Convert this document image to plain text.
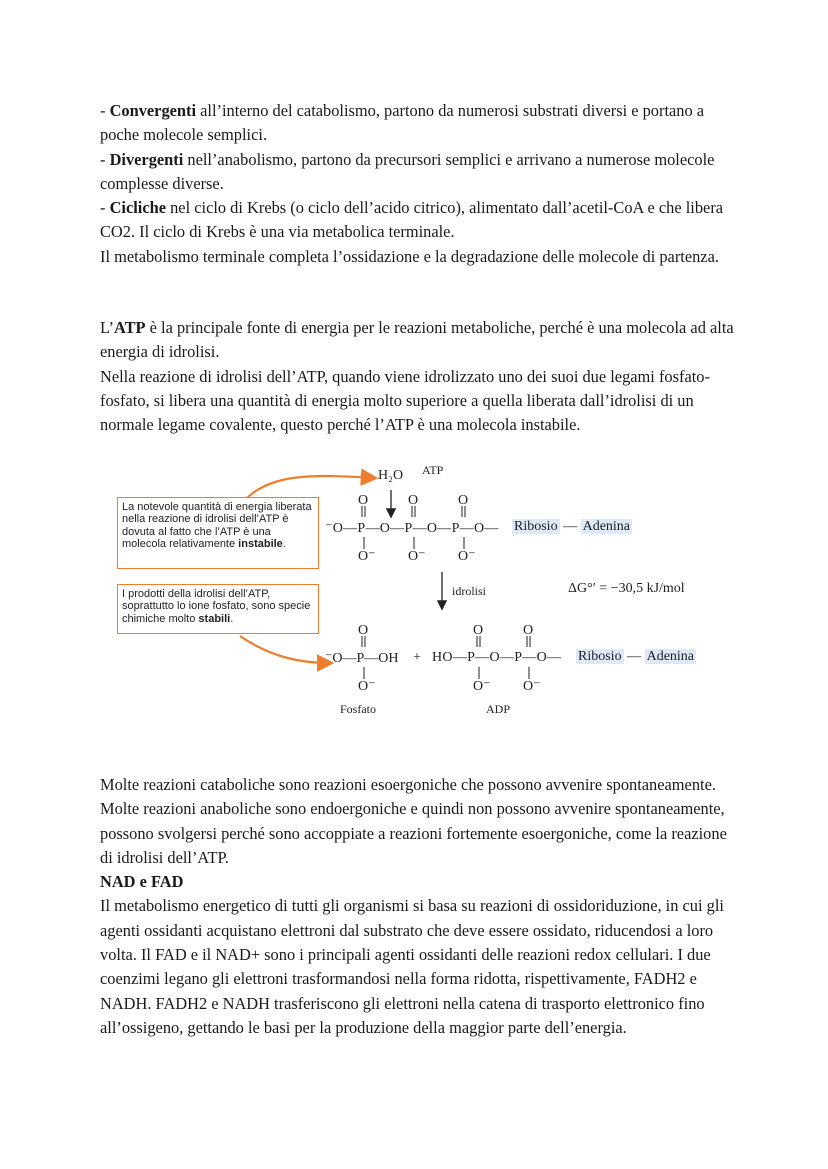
- Convergenti all’interno del catabolismo, partono da numerosi substrati diversi e portano a poche molecole semplici.

- Divergenti nell’anabolismo, partono da precursori semplici e arrivano a numerose molecole complesse diverse.

- Cicliche nel ciclo di Krebs (o ciclo dell’acido citrico), alimentato dall’acetil-CoA e che libera CO2. Il ciclo di Krebs è una via metabolica terminale.

Il metabolismo terminale completa l’ossidazione e la degradazione delle molecole di partenza.

L’ATP è la principale fonte di energia per le reazioni metaboliche, perché è una molecola ad alta energia di idrolisi.

Nella reazione di idrolisi dell’ATP, quando viene idrolizzato uno dei suoi due legami fosfato-fosfato, si libera una quantità di energia molto superiore a quella liberata dall’idrolisi di un normale legame covalente, questo perché l’ATP è una molecola instabile.

La notevole quantità di energia liberata nella reazione di idrolisi dell’ATP è dovuta al fatto che l’ATP è una molecola relativamente instabile.
I prodotti della idrolisi dell’ATP, soprattutto lo ione fosfato, sono specie chimiche molto stabili.
H₂O ATP
O	O	O
⁻O—P—O—P—O—P—O— Ribosio — Adenina
O⁻ O⁻ O⁻
idrolisi	ΔG°′ = −30,5 kJ/mol
O	O	O
⁻O—P—OH + HO—P—O—P—O— Ribosio — Adenina
O⁻	O⁻ O⁻
Fosfato	ADP

Molte reazioni cataboliche sono reazioni esoergoniche che possono avvenire spontaneamente. Molte reazioni anaboliche sono endoergoniche e quindi non possono avvenire spontaneamente, possono svolgersi perché sono accoppiate a reazioni fortemente esoergoniche, come la reazione di idrolisi dell’ATP.

NAD e FAD

Il metabolismo energetico di tutti gli organismi si basa su reazioni di ossidoriduzione, in cui gli agenti ossidanti acquistano elettroni dal substrato che deve essere ossidato, riducendosi a loro volta. Il FAD e il NAD+ sono i principali agenti ossidanti delle reazioni redox cellulari. I due coenzimi legano gli elettroni trasformandosi nella forma ridotta, rispettivamente, FADH2 e NADH. FADH2 e NADH trasferiscono gli elettroni nella catena di trasporto elettronico fino all’ossigeno, gettando le basi per la produzione della maggior parte dell’energia.
